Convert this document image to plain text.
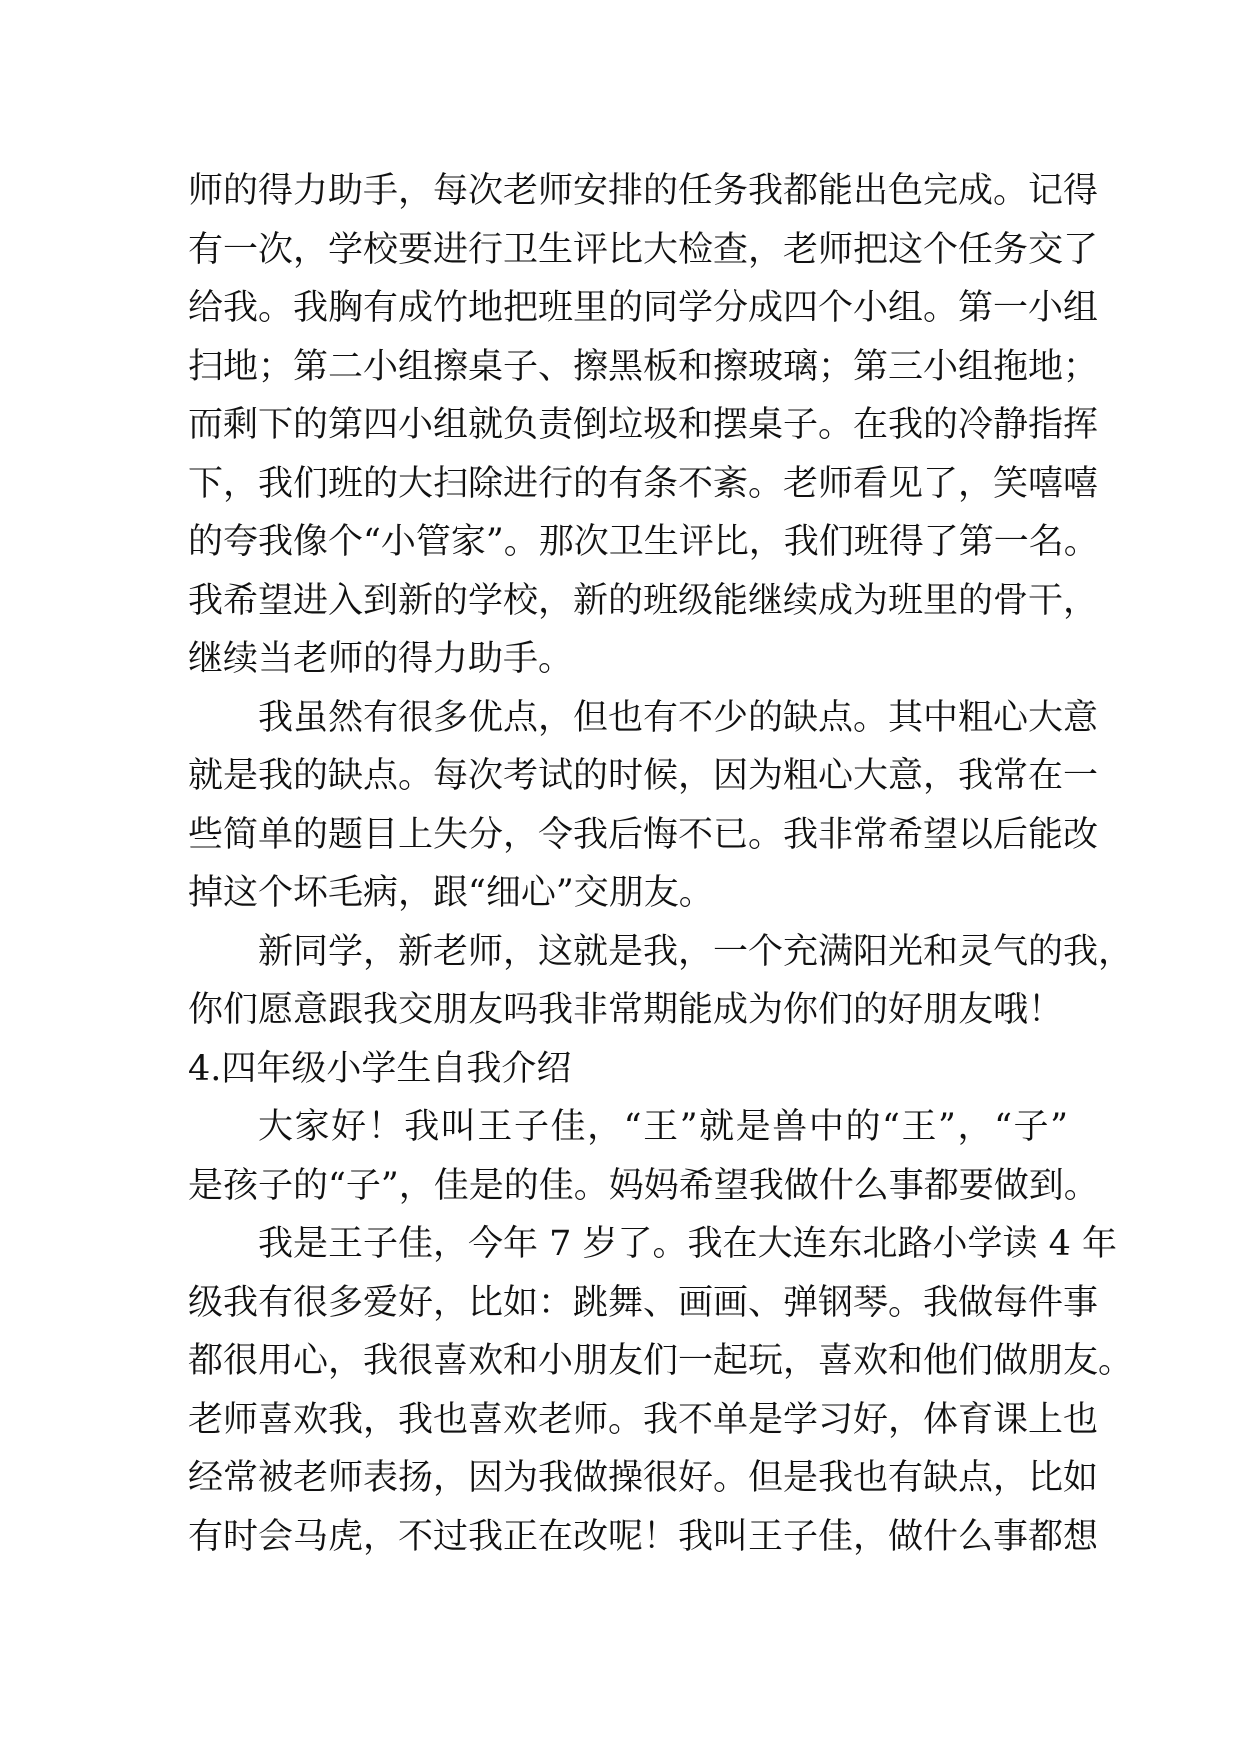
师的得力助手，每次老师安排的任务我都能出色完成。记得
有一次，学校要进行卫生评比大检查，老师把这个任务交了
给我。我胸有成竹地把班里的同学分成四个小组。第一小组
扫地；第二小组擦桌子、擦黑板和擦玻璃；第三小组拖地；
而剩下的第四小组就负责倒垃圾和摆桌子。在我的冷静指挥
下，我们班的大扫除进行的有条不紊。老师看见了，笑嘻嘻
的夸我像个“小管家”。那次卫生评比，我们班得了第一名。
我希望进入到新的学校，新的班级能继续成为班里的骨干，
继续当老师的得力助手。
我虽然有很多优点，但也有不少的缺点。其中粗心大意
就是我的缺点。每次考试的时候，因为粗心大意，我常在一
些简单的题目上失分，令我后悔不已。我非常希望以后能改
掉这个坏毛病，跟“细心”交朋友。
新同学，新老师，这就是我，一个充满阳光和灵气的我，
你们愿意跟我交朋友吗我非常期能成为你们的好朋友哦！
4.四年级小学生自我介绍
大家好！我叫王子佳，“王”就是兽中的“王”，“子”
是孩子的“子”，佳是的佳。妈妈希望我做什么事都要做到。
我是王子佳，今年 7 岁了。我在大连东北路小学读 4 年
级我有很多爱好，比如：跳舞、画画、弹钢琴。我做每件事
都很用心，我很喜欢和小朋友们一起玩，喜欢和他们做朋友。
老师喜欢我，我也喜欢老师。我不单是学习好，体育课上也
经常被老师表扬，因为我做操很好。但是我也有缺点，比如
有时会马虎，不过我正在改呢！我叫王子佳，做什么事都想
